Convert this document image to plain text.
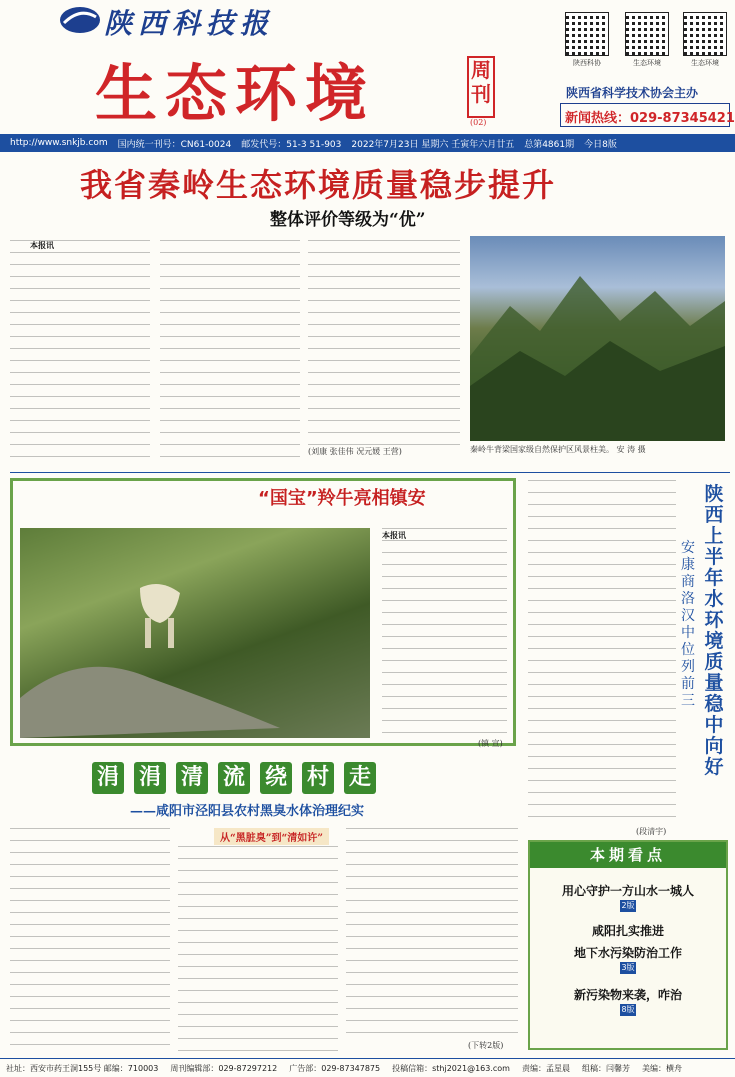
陕西科技报
生态环境	周刊
(02)
陕西科协	生态环境	生态环境
陕西省科学技术协会主办
新闻热线：029-87345421
http://www.snkjb.com 国内统一刊号：CN61-0024 邮发代号：51-3 51-903 2022年7月23日 星期六 壬寅年六月廿五 总第4861期 今日8版
我省秦岭生态环境质量稳步提升
整体评价等级为“优”
本报讯
(刘康 张佳伟 况元媛 王营)	秦岭牛背梁国家级自然保护区风景柱美。 安 涛 摄
“国宝”羚牛亮相镇安
本报讯
(镇 宣)
陕西上半年水环境质量稳中向好
安康商洛汉中位列前三
(段清宇)
涓 涓 清 流 绕 村 走
——咸阳市泾阳县农村黑臭水体治理纪实
从“黑脏臭”到“清如许”
(下转2版)
本期看点
用心守护一方山水一城人
2版
咸阳扎实推进
地下水污染防治工作
3版
新污染物来袭，咋治
8版
社址：西安市药王洞155号 邮编：710003 周刊编辑部：029-87297212 广告部：029-87347875 投稿信箱：sthj2021@163.com 责编：孟星晨 组稿：闫馨芳 美编：横舟
